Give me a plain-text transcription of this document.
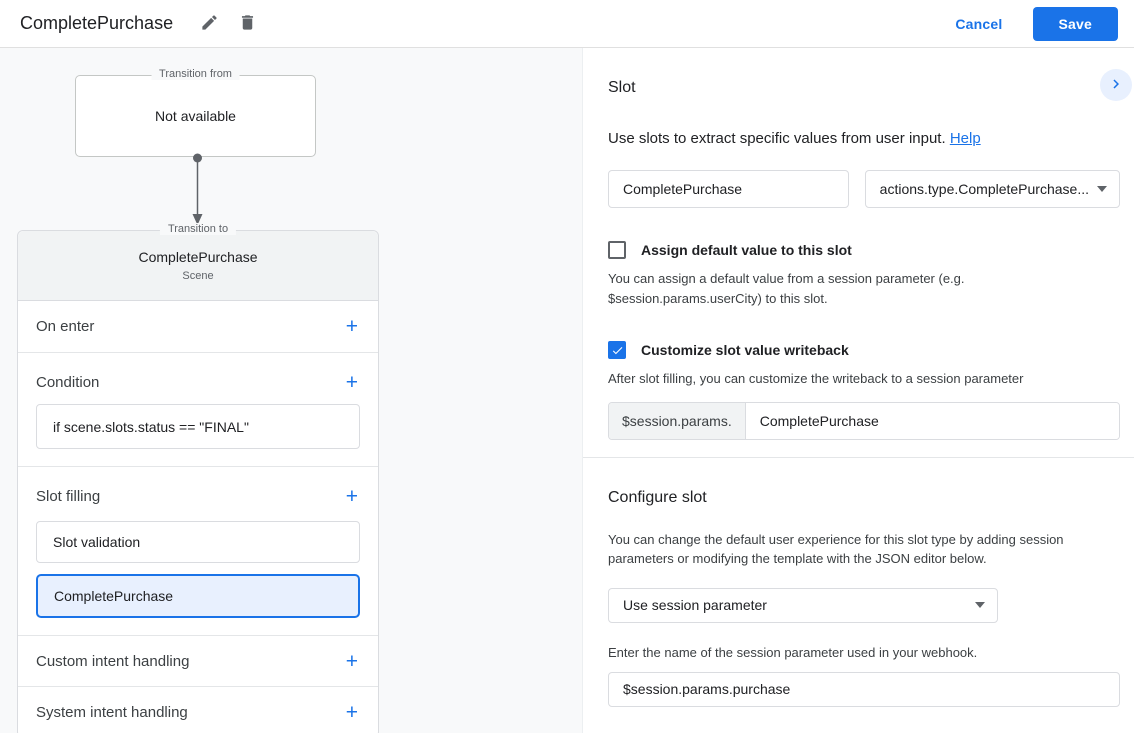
CompletePurchase	Cancel	Save
Transition from
Not available
Transition to
CompletePurchase
Scene
On enter	+
Condition	+
if scene.slots.status == "FINAL"
Slot filling	+
Slot validation
CompletePurchase
Custom intent handling	+
System intent handling	+
Slot
Use slots to extract specific values from user input. Help
CompletePurchase
actions.type.CompletePurchase...
Assign default value to this slot
You can assign a default value from a session parameter (e.g. $session.params.userCity) to this slot.
Customize slot value writeback
After slot filling, you can customize the writeback to a session parameter
$session.params.
CompletePurchase
Configure slot
You can change the default user experience for this slot type by adding session parameters or modifying the template with the JSON editor below.
Use session parameter
Enter the name of the session parameter used in your webhook.
$session.params.purchase
